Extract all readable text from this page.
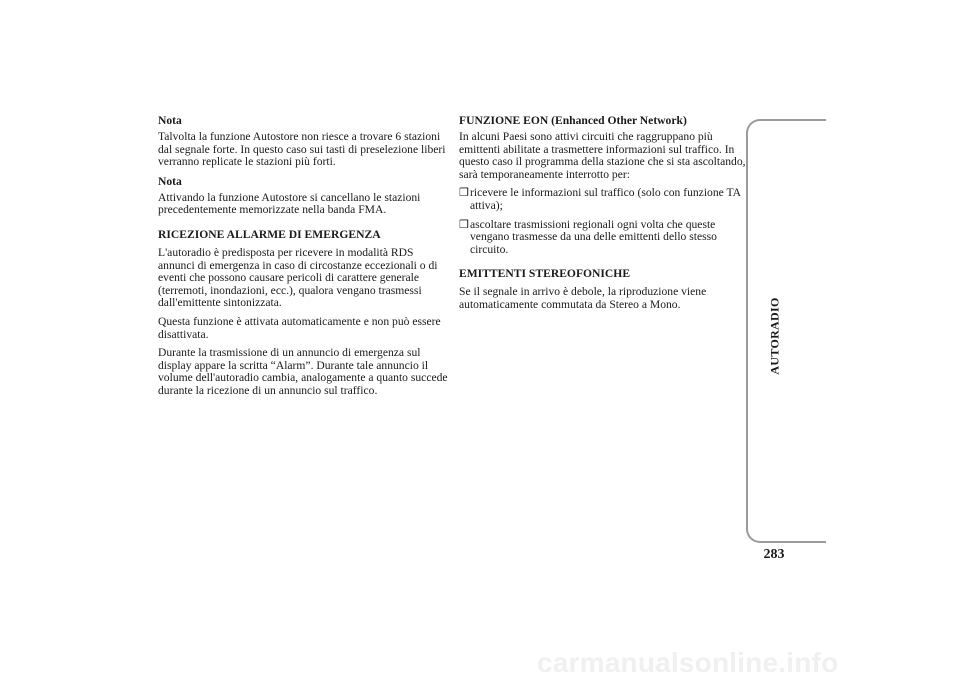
Nota

Talvolta la funzione Autostore non riesce a trovare 6 stazioni dal segnale forte. In questo caso sui tasti di preselezione liberi verranno replicate le stazioni più forti.

Nota

Attivando la funzione Autostore si cancellano le stazioni precedentemente memorizzate nella banda FMA.

RICEZIONE ALLARME DI EMERGENZA

L'autoradio è predisposta per ricevere in modalità RDS annunci di emergenza in caso di circostanze eccezionali o di eventi che possono causare pericoli di carattere generale (terremoti, inondazioni, ecc.), qualora vengano trasmessi dall'emittente sintonizzata.

Questa funzione è attivata automaticamente e non può essere disattivata.

Durante la trasmissione di un annuncio di emergenza sul display appare la scritta “Alarm”. Durante tale annuncio il volume dell'autoradio cambia, analogamente a quanto succede durante la ricezione di un annuncio sul traffico.

FUNZIONE EON (Enhanced Other Network)

In alcuni Paesi sono attivi circuiti che raggruppano più emittenti abilitate a trasmettere informazioni sul traffico. In questo caso il programma della stazione che si sta ascoltando, sarà temporaneamente interrotto per:

❒ ricevere le informazioni sul traffico (solo con funzione TA attiva);
❒ ascoltare trasmissioni regionali ogni volta che queste vengano trasmesse da una delle emittenti dello stesso circuito.
EMITTENTI STEREOFONICHE

Se il segnale in arrivo è debole, la riproduzione viene automaticamente commutata da Stereo a Mono.	AUTORADIO
283
carmanualsonline.info
